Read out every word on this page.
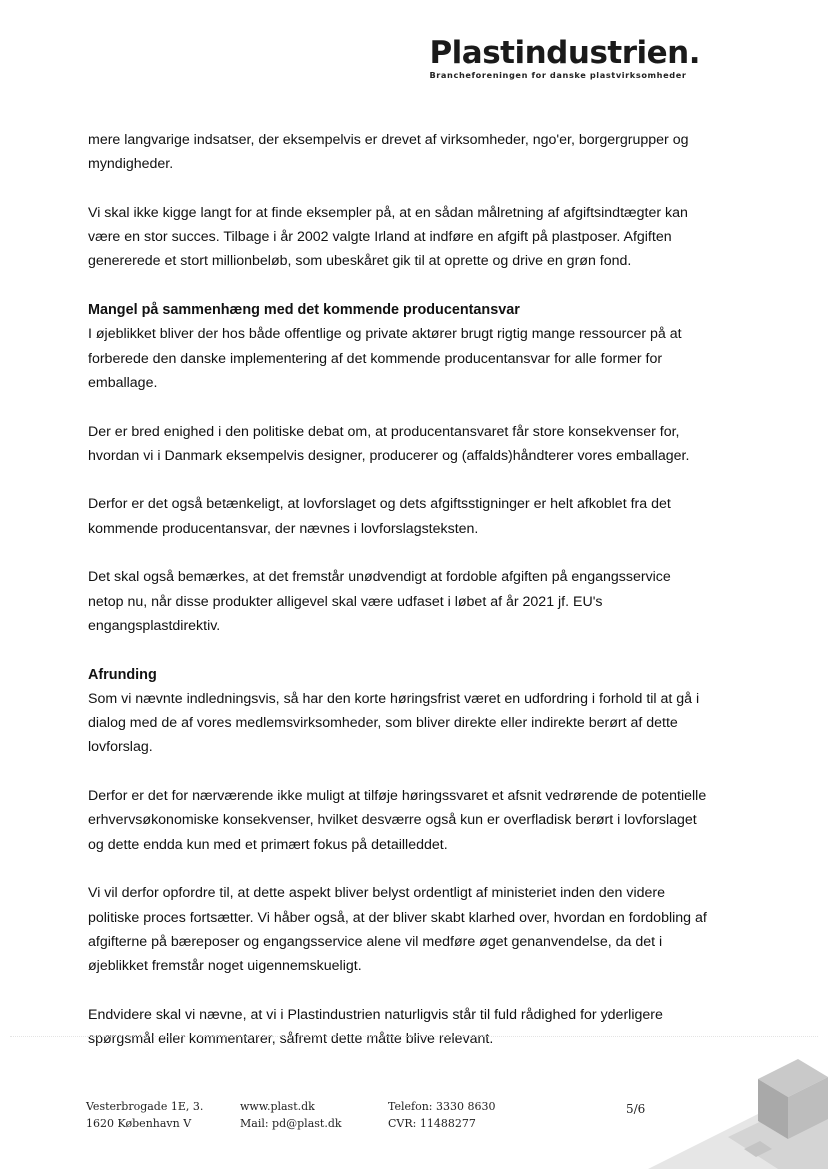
Plastindustrien.
Brancheforeningen for danske plastvirksomheder

mere langvarige indsatser, der eksempelvis er drevet af virksomheder, ngo'er, borgergrupper og myndigheder.

Vi skal ikke kigge langt for at finde eksempler på, at en sådan målretning af afgiftsindtægter kan være en stor succes. Tilbage i år 2002 valgte Irland at indføre en afgift på plastposer. Afgiften genererede et stort millionbeløb, som ubeskåret gik til at oprette og drive en grøn fond.

Mangel på sammenhæng med det kommende producentansvar

I øjeblikket bliver der hos både offentlige og private aktører brugt rigtig mange ressourcer på at forberede den danske implementering af det kommende producentansvar for alle former for emballage.

Der er bred enighed i den politiske debat om, at producentansvaret får store konsekvenser for, hvordan vi i Danmark eksempelvis designer, producerer og (affalds)håndterer vores emballager.

Derfor er det også betænkeligt, at lovforslaget og dets afgiftsstigninger er helt afkoblet fra det kommende producentansvar, der nævnes i lovforslagsteksten.

Det skal også bemærkes, at det fremstår unødvendigt at fordoble afgiften på engangsservice netop nu, når disse produkter alligevel skal være udfaset i løbet af år 2021 jf. EU's engangsplastdirektiv.

Afrunding

Som vi nævnte indledningsvis, så har den korte høringsfrist været en udfordring i forhold til at gå i dialog med de af vores medlemsvirksomheder, som bliver direkte eller indirekte berørt af dette lovforslag.

Derfor er det for nærværende ikke muligt at tilføje høringssvaret et afsnit vedrørende de potentielle erhvervsøkonomiske konsekvenser, hvilket desværre også kun er overfladisk berørt i lovforslaget og dette endda kun med et primært fokus på detailleddet.

Vi vil derfor opfordre til, at dette aspekt bliver belyst ordentligt af ministeriet inden den videre politiske proces fortsætter. Vi håber også, at der bliver skabt klarhed over, hvordan en fordobling af afgifterne på bæreposer og engangsservice alene vil medføre øget genanvendelse, da det i øjeblikket fremstår noget uigennemskueligt.

Endvidere skal vi nævne, at vi i Plastindustrien naturligvis står til fuld rådighed for yderligere spørgsmål eller kommentarer, såfremt dette måtte blive relevant.

Vesterbrogade 1E, 3.
1620 København V
www.plast.dk
Mail: pd@plast.dk
Telefon: 3330 8630
CVR: 11488277
5/6
